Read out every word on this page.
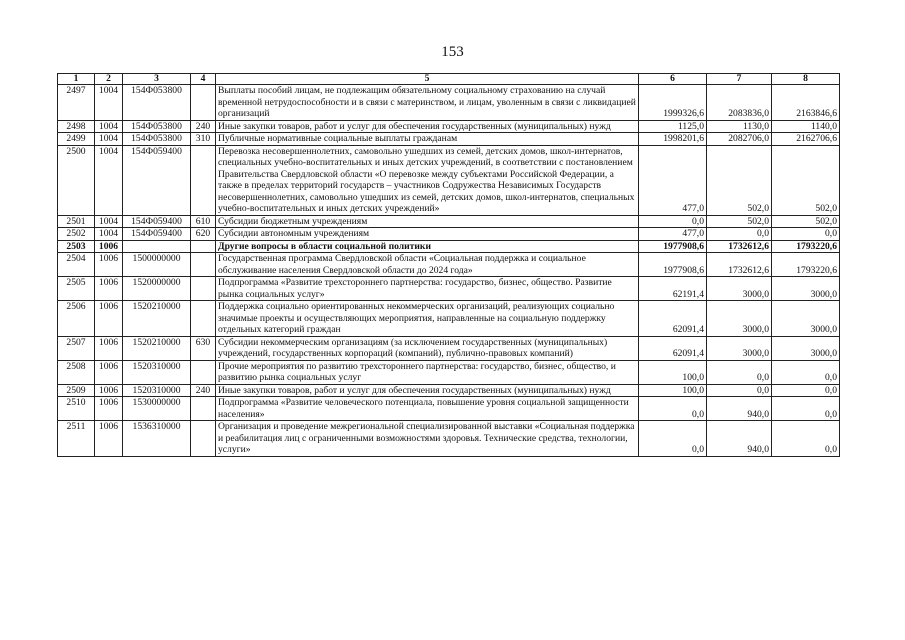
153
1	2	3	4	5	6	7	8
2497	1004	154Ф053800		Выплаты пособий лицам, не подлежащим обязательному социальному страхованию на случай временной нетрудоспособности и в связи с материнством, и лицам, уволенным в связи с ликвидацией организаций	1999326,6	2083836,0	2163846,6
2498	1004	154Ф053800	240	Иные закупки товаров, работ и услуг для обеспечения государственных (муниципальных) нужд	1125,0	1130,0	1140,0
2499	1004	154Ф053800	310	Публичные нормативные социальные выплаты гражданам	1998201,6	2082706,0	2162706,6
2500	1004	154Ф059400		Перевозка несовершеннолетних, самовольно ушедших из семей, детских домов, школ-интернатов, специальных учебно-воспитательных и иных детских учреждений, в соответствии с постановлением Правительства Свердловской области «О перевозке между субъектами Российской Федерации, а также в пределах территорий государств – участников Содружества Независимых Государств несовершеннолетних, самовольно ушедших из семей, детских домов, школ-интернатов, специальных учебно-воспитательных и иных детских учреждений»	477,0	502,0	502,0
2501	1004	154Ф059400	610	Субсидии бюджетным учреждениям	0,0	502,0	502,0
2502	1004	154Ф059400	620	Субсидии автономным учреждениям	477,0	0,0	0,0
2503	1006			Другие вопросы в области социальной политики	1977908,6	1732612,6	1793220,6
2504	1006	1500000000		Государственная программа Свердловской области «Социальная поддержка и социальное обслуживание населения Свердловской области до 2024 года»	1977908,6	1732612,6	1793220,6
2505	1006	1520000000		Подпрограмма «Развитие трехстороннего партнерства: государство, бизнес, общество. Развитие рынка социальных услуг»	62191,4	3000,0	3000,0
2506	1006	1520210000		Поддержка социально ориентированных некоммерческих организаций, реализующих социально значимые проекты и осуществляющих мероприятия, направленные на социальную поддержку отдельных категорий граждан	62091,4	3000,0	3000,0
2507	1006	1520210000	630	Субсидии некоммерческим организациям (за исключением государственных (муниципальных) учреждений, государственных корпораций (компаний), публично-правовых компаний)	62091,4	3000,0	3000,0
2508	1006	1520310000		Прочие мероприятия по развитию трехстороннего партнерства: государство, бизнес, общество, и развитию рынка социальных услуг	100,0	0,0	0,0
2509	1006	1520310000	240	Иные закупки товаров, работ и услуг для обеспечения государственных (муниципальных) нужд	100,0	0,0	0,0
2510	1006	1530000000		Подпрограмма «Развитие человеческого потенциала, повышение уровня социальной защищенности населения»	0,0	940,0	0,0
2511	1006	1536310000		Организация и проведение межрегиональной специализированной выставки «Социальная поддержка и реабилитация лиц с ограниченными возможностями здоровья. Технические средства, технологии, услуги»	0,0	940,0	0,0
